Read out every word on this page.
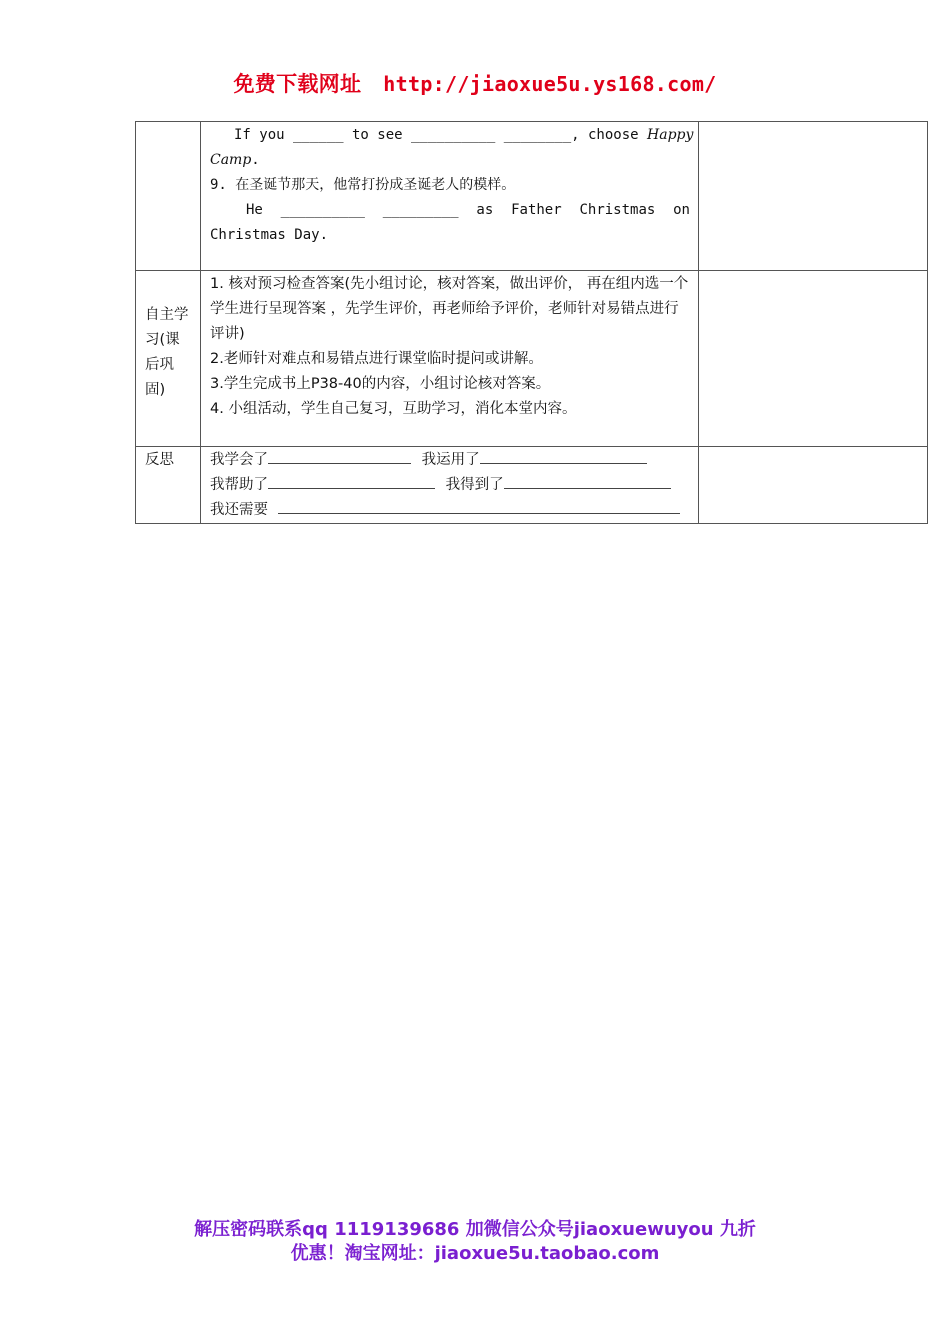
免费下载网址 http://jiaoxue5u.ys168.com/

	If you ______ to see __________ ________, choose Happy
Camp.
9. 在圣诞节那天，他常打扮成圣诞老人的模样。
He __________ _________ as Father Christmas on
Christmas Day.	

自主学习(课后巩固)	1. 核对预习检查答案(先小组讨论，核对答案，做出评价， 再在组内选一个学生进行呈现答案 ，先学生评价，再老师给予评价，老师针对易错点进行评讲)
2.老师针对难点和易错点进行课堂临时提问或讲解。
3.学生完成书上P38-40的内容，小组讨论核对答案。
4. 小组活动，学生自己复习，互助学习，消化本堂内容。	

反思	我学会了 我运用了
我帮助了 我得到了
我还需要	

解压密码联系qq 1119139686 加微信公众号jiaoxuewuyou 九折
优惠！淘宝网址：jiaoxue5u.taobao.com
